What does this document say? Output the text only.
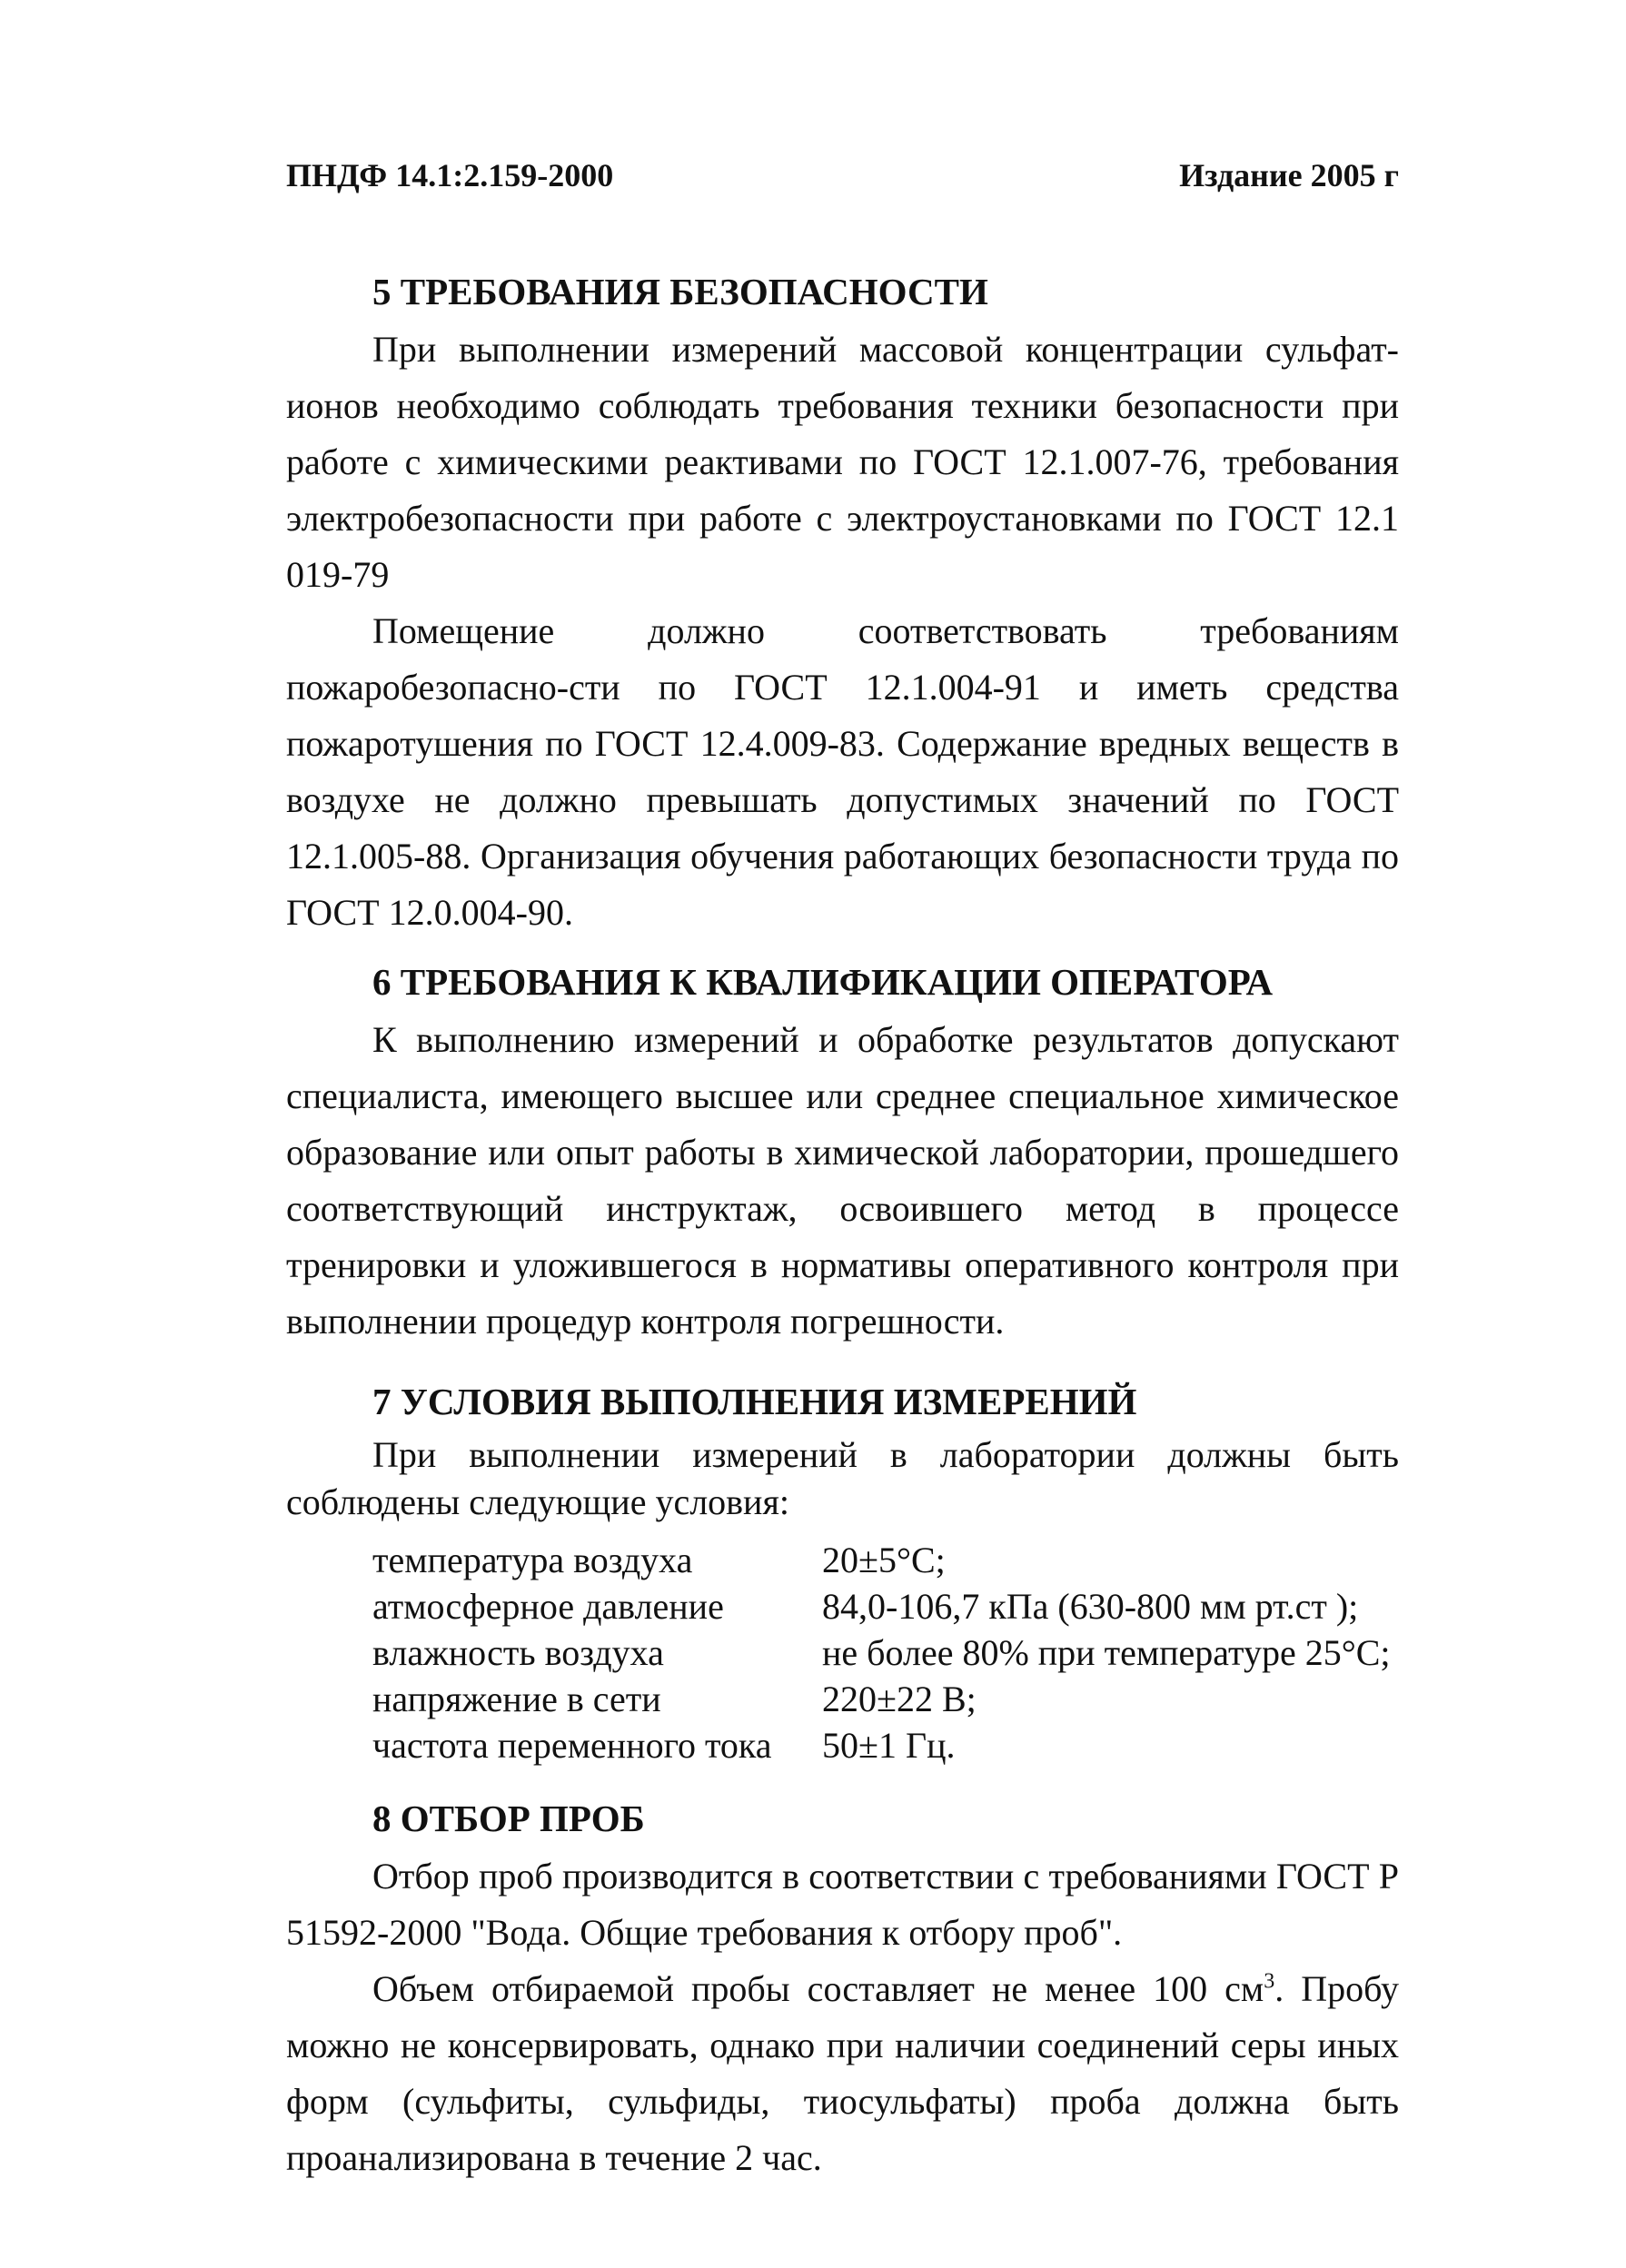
ПНДФ 14.1:2.159-2000	Издание 2005 г
5 ТРЕБОВАНИЯ БЕЗОПАСНОСТИ

При выполнении измерений массовой концентрации сульфат-ионов необходимо соблюдать требования техники безопасности при работе с химическими реактивами по ГОСТ 12.1.007-76, требования электробезопасности при работе с электроустановками по ГОСТ 12.1 019-79

Помещение должно соответствовать требованиям пожаробезопасно-сти по ГОСТ 12.1.004-91 и иметь средства пожаротушения по ГОСТ 12.4.009-83. Содержание вредных веществ в воздухе не должно превышать допустимых значений по ГОСТ 12.1.005-88. Организация обучения работающих безопасности труда по ГОСТ 12.0.004-90.

6 ТРЕБОВАНИЯ К КВАЛИФИКАЦИИ ОПЕРАТОРА

К выполнению измерений и обработке результатов допускают специалиста, имеющего высшее или среднее специальное химическое образование или опыт работы в химической лаборатории, прошедшего соответствующий инструктаж, освоившего метод в процессе тренировки и уложившегося в нормативы оперативного контроля при выполнении процедур контроля погрешности.

7 УСЛОВИЯ ВЫПОЛНЕНИЯ ИЗМЕРЕНИЙ

При выполнении измерений в лаборатории должны быть соблюдены следующие условия:

температура воздуха	20±5°С;
атмосферное давление	84,0-106,7 кПа (630-800 мм рт.ст );
влажность воздуха	не более 80% при температуре 25°С;
напряжение в сети	220±22 В;
частота переменного тока	50±1 Гц.
8 ОТБОР ПРОБ

Отбор проб производится в соответствии с требованиями ГОСТ Р 51592-2000 "Вода. Общие требования к отбору проб".

Объем отбираемой пробы составляет не менее 100 $см^3$. Пробу можно не консервировать, однако при наличии соединений серы иных форм (сульфиты, сульфиды, тиосульфаты) проба должна быть проанализирована в течение 2 час.
